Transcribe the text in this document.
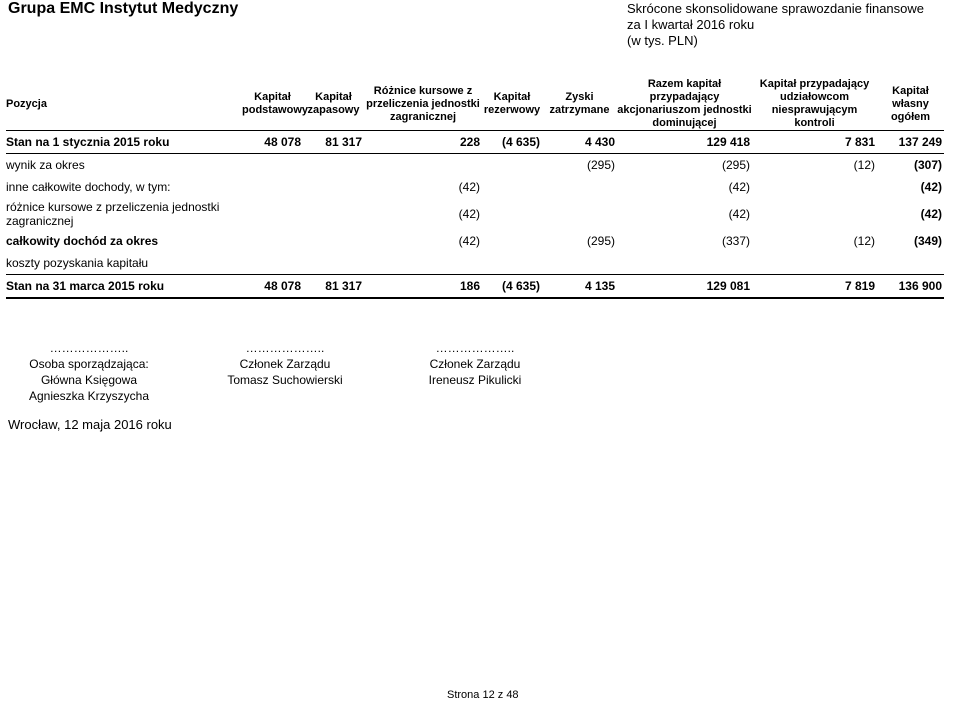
Grupa EMC Instytut Medyczny	Skrócone skonsolidowane sprawozdanie finansowe
za I kwartał 2016 roku
(w tys. PLN)
Pozycja	Kapitał podstawowy	Kapitał zapasowy	Różnice kursowe z przeliczenia jednostki zagranicznej	Kapitał rezerwowy	Zyski zatrzymane	Razem kapitał przypadający akcjonariuszom jednostki dominującej	Kapitał przypadający udziałowcom niesprawującym kontroli	Kapitał własny ogółem
Stan na 1 stycznia 2015 roku	48 078	81 317	228	(4 635)	4 430	129 418	7 831	137 249
wynik za okres					(295)	(295)	(12)	(307)
inne całkowite dochody, w tym:			(42)			(42)		(42)
różnice kursowe z przeliczenia jednostki zagranicznej			(42)			(42)		(42)
całkowity dochód za okres			(42)		(295)	(337)	(12)	(349)
koszty pozyskania kapitału								
Stan na 31 marca 2015 roku	48 078	81 317	186	(4 635)	4 135	129 081	7 819	136 900
………………..
Osoba sporządzająca:
Główna Księgowa
Agnieszka Krzyszycha
………………..
Członek Zarządu
Tomasz Suchowierski
………………..
Członek Zarządu
Ireneusz Pikulicki
Wrocław, 12 maja 2016 roku
Strona 12 z 48
